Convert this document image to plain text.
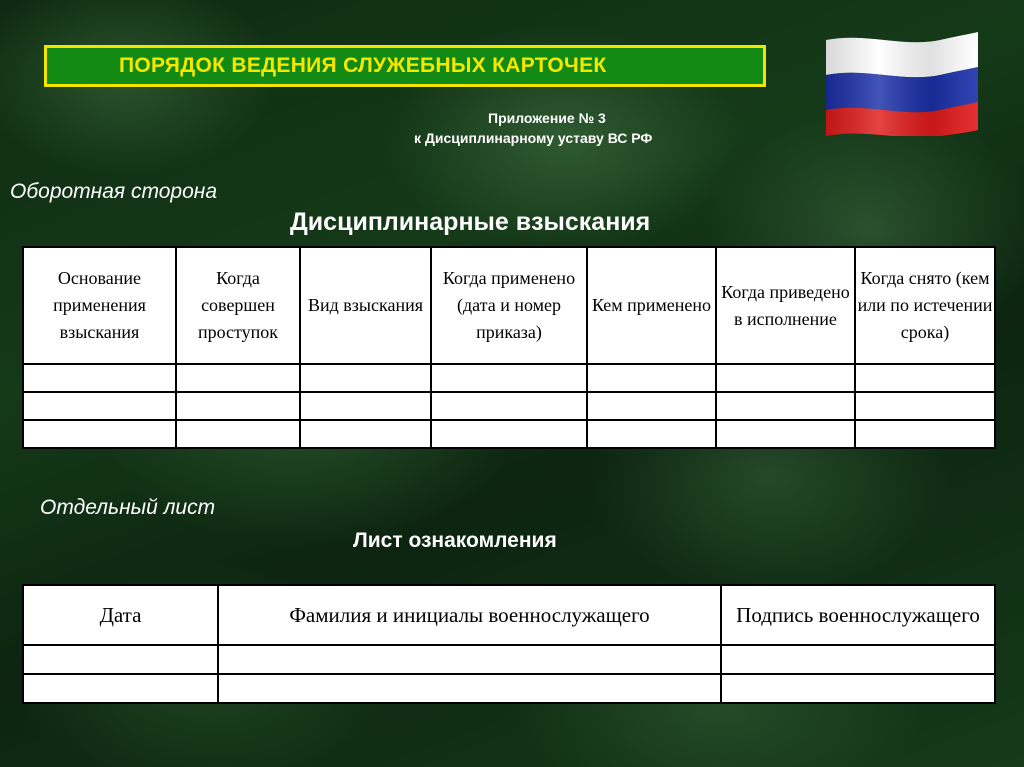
ПОРЯДОК ВЕДЕНИЯ СЛУЖЕБНЫХ КАРТОЧЕК
Приложение № 3
к Дисциплинарному уставу ВС РФ
Оборотная сторона
Дисциплинарные взыскания
Основание применения взыскания	Когда совершен проступок	Вид взыскания	Когда применено (дата и номер приказа)	Кем применено	Когда приведено в исполнение	Когда снято (кем или по истечении срока)

Отдельный лист
Лист ознакомления
Дата	Фамилия и инициалы военнослужащего	Подпись военнослужащего
